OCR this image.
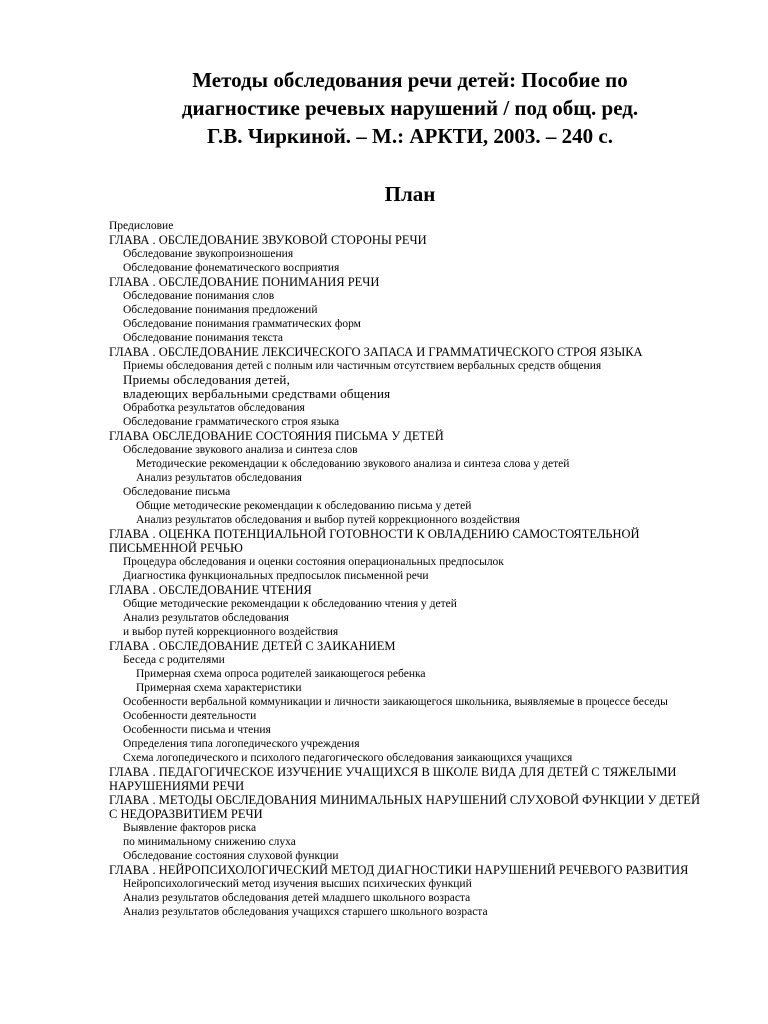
Методы обследования речи детей: Пособие по
диагностике речевых нарушений / под общ. ред.
Г.В. Чиркиной. – М.: АРКТИ, 2003. – 240 с.
План
Предисловие
ГЛАВА . ОБСЛЕДОВАНИЕ ЗВУКОВОЙ СТОРОНЫ РЕЧИ
Обследование звукопроизношения
Обследование фонематического восприятия
ГЛАВА . ОБСЛЕДОВАНИЕ ПОНИМАНИЯ РЕЧИ
Обследование понимания слов
Обследование понимания предложений
Обследование понимания грамматических форм
Обследование понимания текста
ГЛАВА . ОБСЛЕДОВАНИЕ ЛЕКСИЧЕСКОГО ЗАПАСА И ГРАММАТИЧЕСКОГО СТРОЯ ЯЗЫКА
Приемы обследования детей с полным или частичным отсутствием вербальных средств общения
Приемы обследования детей,
владеющих вербальными средствами общения
Обработка результатов обследования
Обследование грамматического строя языка
ГЛАВА ОБСЛЕДОВАНИЕ СОСТОЯНИЯ ПИСЬМА У ДЕТЕЙ
Обследование звукового анализа и синтеза слов
Методические рекомендации к обследованию звукового анализа и синтеза слова у детей
Анализ результатов обследования
Обследование письма
Общие методические рекомендации к обследованию письма у детей
Анализ результатов обследования и выбор путей коррекционного воздействия
ГЛАВА . ОЦЕНКА ПОТЕНЦИАЛЬНОЙ ГОТОВНОСТИ К ОВЛАДЕНИЮ САМОСТОЯТЕЛЬНОЙ ПИСЬМЕННОЙ РЕЧЬЮ
Процедура обследования и оценки состояния операциональных предпосылок
Диагностика функциональных предпосылок письменной речи
ГЛАВА . ОБСЛЕДОВАНИЕ ЧТЕНИЯ
Общие методические рекомендации к обследованию чтения у детей
Анализ результатов обследования
и выбор путей коррекционного воздействия
ГЛАВА . ОБСЛЕДОВАНИЕ ДЕТЕЙ С ЗАИКАНИЕМ
Беседа с родителями
Примерная схема опроса родителей заикающегося ребенка
Примерная схема характеристики
Особенности вербальной коммуникации и личности заикающегося школьника, выявляемые в процессе беседы
Особенности деятельности
Особенности письма и чтения
Определения типа логопедического учреждения
Схема логопедического и психолого педагогического обследования заикающихся учащихся
ГЛАВА . ПЕДАГОГИЧЕСКОЕ ИЗУЧЕНИЕ УЧАЩИХСЯ В ШКОЛЕ ВИДА ДЛЯ ДЕТЕЙ С ТЯЖЕЛЫМИ НАРУШЕНИЯМИ РЕЧИ
ГЛАВА . МЕТОДЫ ОБСЛЕДОВАНИЯ МИНИМАЛЬНЫХ НАРУШЕНИЙ СЛУХОВОЙ ФУНКЦИИ У ДЕТЕЙ С НЕДОРАЗВИТИЕМ РЕЧИ
Выявление факторов риска
по минимальному снижению слуха
Обследование состояния слуховой функции
ГЛАВА . НЕЙРОПСИХОЛОГИЧЕСКИЙ МЕТОД ДИАГНОСТИКИ НАРУШЕНИЙ РЕЧЕВОГО РАЗВИТИЯ
Нейропсихологический метод изучения высших психических функций
Анализ результатов обследования детей младшего школьного возраста
Анализ результатов обследования учащихся старшего школьного возраста
